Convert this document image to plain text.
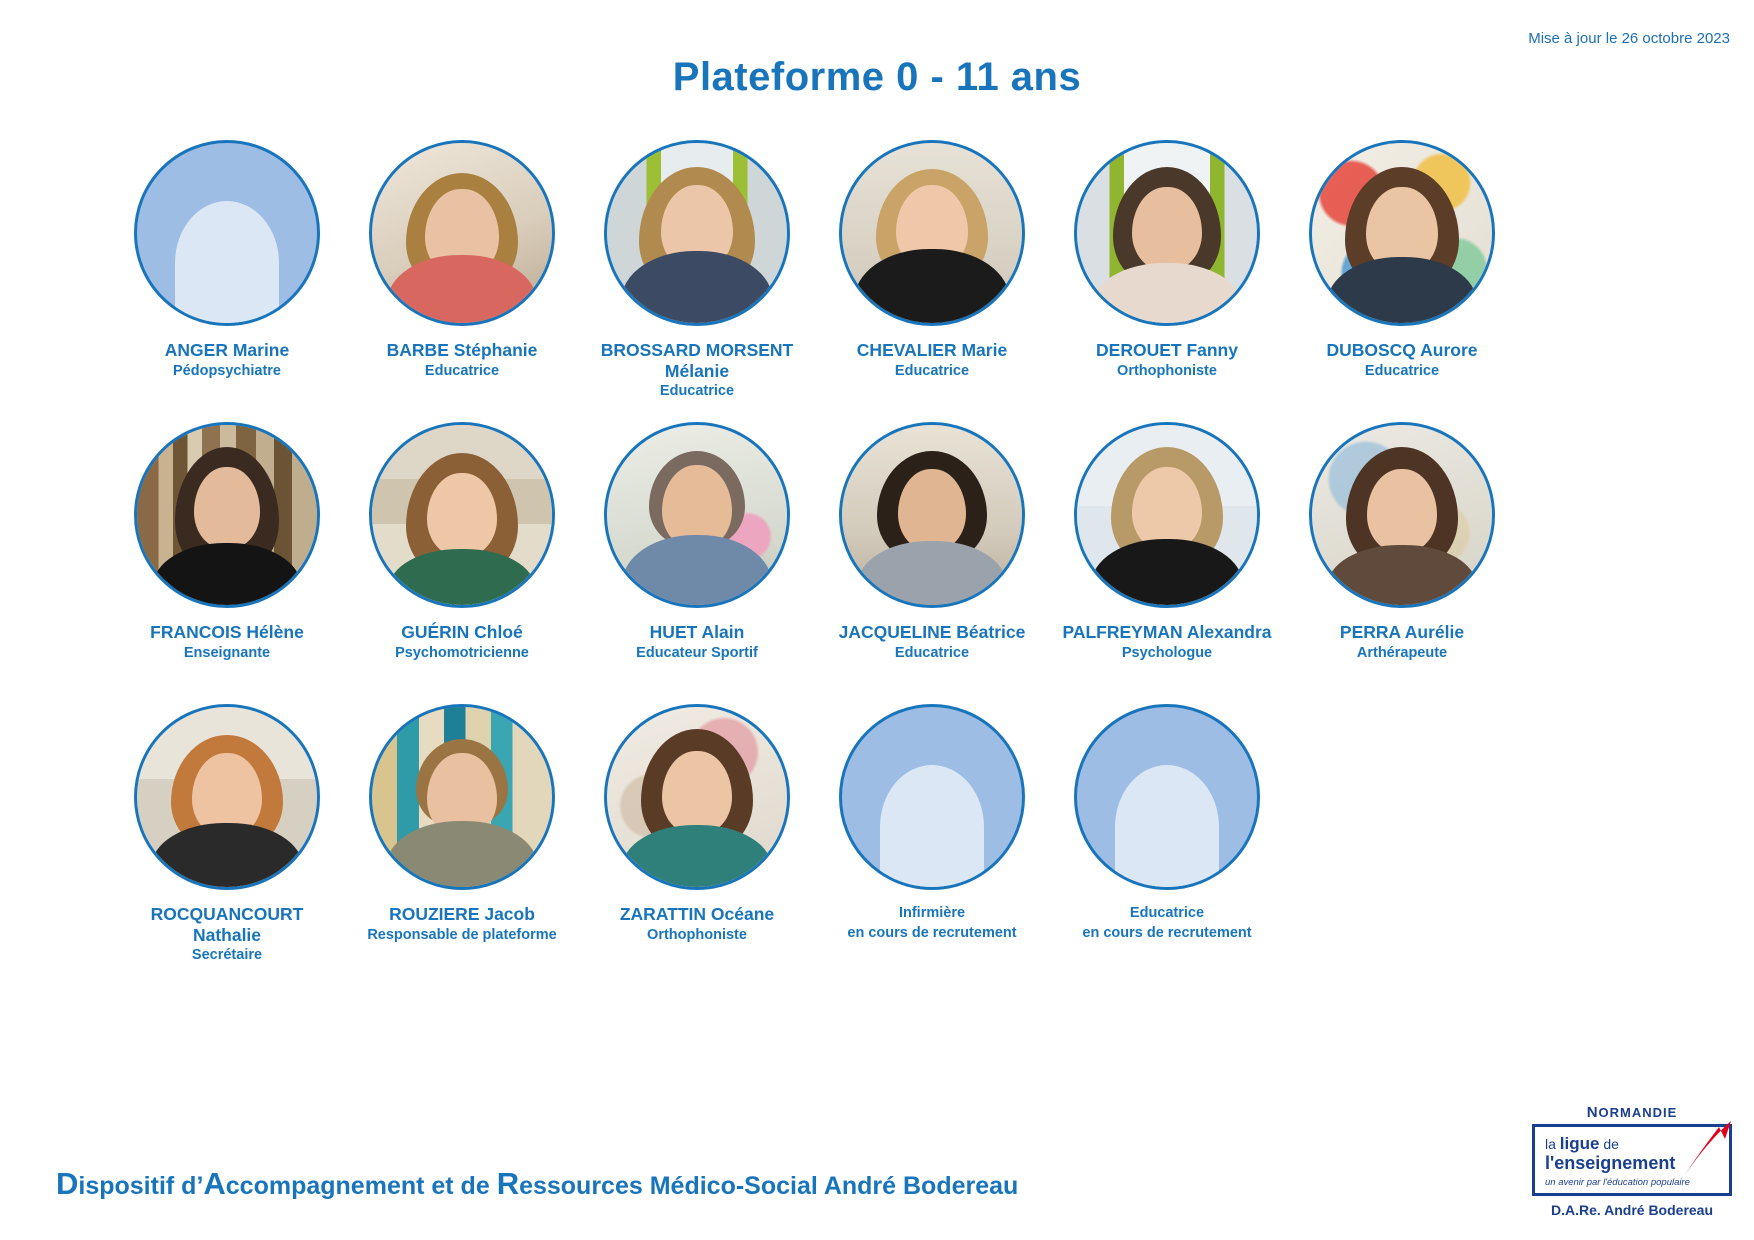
Mise à jour le 26 octobre 2023
Plateforme 0 - 11 ans
ANGER Marine
Pédopsychiatre
BARBE Stéphanie
Educatrice
BROSSARD MORSENT Mélanie
Educatrice
CHEVALIER Marie
Educatrice
DEROUET Fanny
Orthophoniste
DUBOSCQ Aurore
Educatrice
FRANCOIS Hélène
Enseignante
GUÉRIN Chloé
Psychomotricienne
HUET Alain
Educateur Sportif
JACQUELINE Béatrice
Educatrice
PALFREYMAN Alexandra
Psychologue
PERRA Aurélie
Arthérapeute
ROCQUANCOURT Nathalie
Secrétaire
ROUZIERE Jacob
Responsable de plateforme
ZARATTIN Océane
Orthophoniste
Infirmière
en cours de recrutement
Educatrice
en cours de recrutement
Dispositif d’Accompagnement et de Ressources Médico-Social André Bodereau
NORMANDIE
la ligue de
l'enseignement
un avenir par l'éducation populaire
D.A.Re. André Bodereau
